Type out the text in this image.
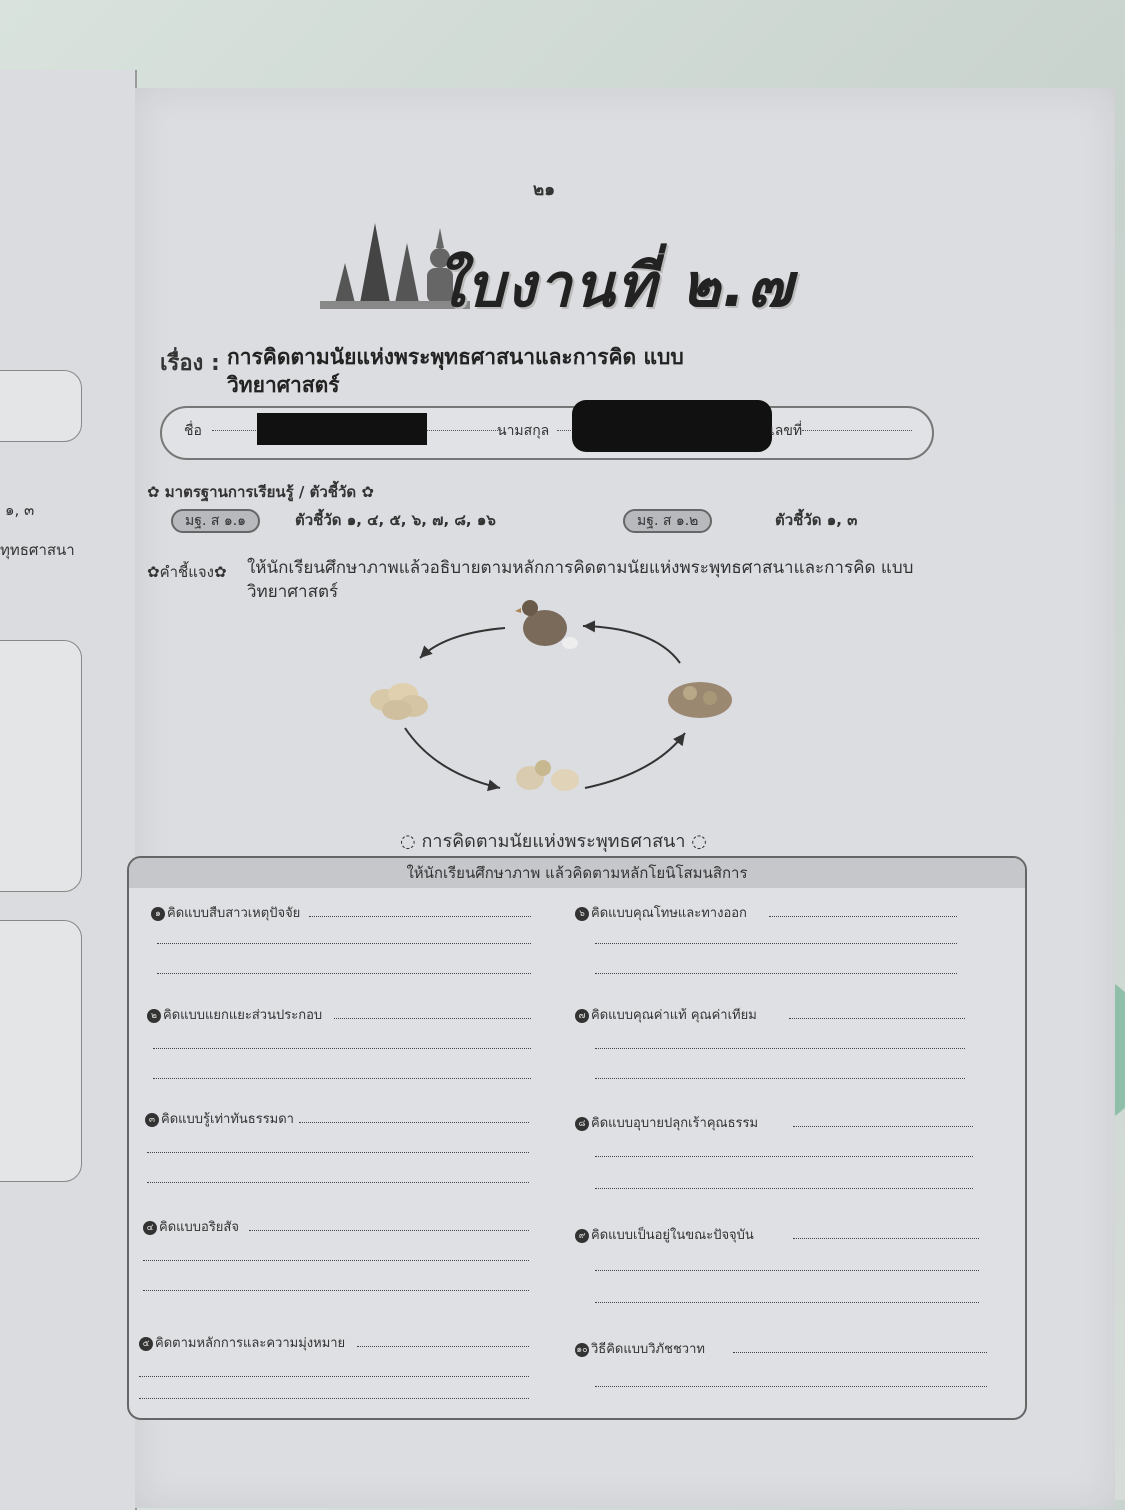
๑, ๓
ทุทธศาสนา
๒๑
ใบงานที่ ๒.๗
เรื่อง : การคิดตามนัยแห่งพระพุทธศาสนาและการคิด แบบวิทยาศาสตร์
ชื่อ	นามสกุล	เลขที่
✿ มาตรฐานการเรียนรู้ / ตัวชี้วัด ✿
มฐ. ส ๑.๑	ตัวชี้วัด ๑, ๔, ๕, ๖, ๗, ๘, ๑๖	มฐ. ส ๑.๒	ตัวชี้วัด ๑, ๓
✿คำชี้แจง✿ ให้นักเรียนศึกษาภาพแล้วอธิบายตามหลักการคิดตามนัยแห่งพระพุทธศาสนาและการคิด แบบวิทยาศาสตร์
◌ การคิดตามนัยแห่งพระพุทธศาสนา ◌
ให้นักเรียนศึกษาภาพ แล้วคิดตามหลักโยนิโสมนสิการ
๑ คิดแบบสืบสาวเหตุปัจจัย
๒ คิดแบบแยกแยะส่วนประกอบ
๓ คิดแบบรู้เท่าทันธรรมดา
๔ คิดแบบอริยสัจ
๕ คิดตามหลักการและความมุ่งหมาย
๖ คิดแบบคุณโทษและทางออก
๗ คิดแบบคุณค่าแท้ คุณค่าเทียม
๘ คิดแบบอุบายปลุกเร้าคุณธรรม
๙ คิดแบบเป็นอยู่ในขณะปัจจุบัน
๑๐ วิธีคิดแบบวิภัชชวาท
